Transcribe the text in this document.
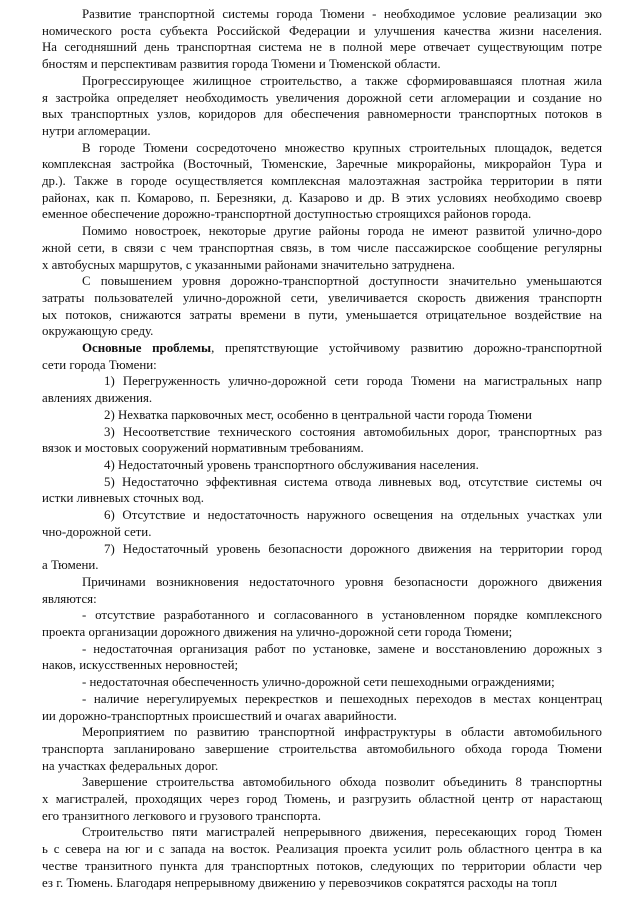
Развитие транспортной системы города Тюмени - необходимое условие реализации эко
номического роста субъекта Российской Федерации и улучшения качества жизни населения.
На сегодняшний день транспортная система не в полной мере отвечает существующим потре
бностям и перспективам развития города Тюмени и Тюменской области.
Прогрессирующее жилищное строительство, а также сформировавшаяся плотная жила
я застройка определяет необходимость увеличения дорожной сети агломерации и создание но
вых транспортных узлов, коридоров для обеспечения равномерности транспортных потоков в
нутри агломерации.
В городе Тюмени сосредоточено множество крупных строительных площадок, ведется
комплексная застройка (Восточный, Тюменские, Заречные микрорайоны, микрорайон Тура и
др.). Также в городе осуществляется комплексная малоэтажная застройка территории в пяти
районах, как п. Комарово, п. Березняки, д. Казарово и др. В этих условиях необходимо своевр
еменное обеспечение дорожно-транспортной доступностью строящихся районов города.
Помимо новостроек, некоторые другие районы города не имеют развитой улично-доро
жной сети, в связи с чем транспортная связь, в том числе пассажирское сообщение регулярны
х автобусных маршрутов, с указанными районами значительно затруднена.
С повышением уровня дорожно-транспортной доступности значительно уменьшаются
затраты пользователей улично-дорожной сети, увеличивается скорость движения транспортн
ых потоков, снижаются затраты времени в пути, уменьшается отрицательное воздействие на
окружающую среду.
Основные проблемы, препятствующие устойчивому развитию дорожно-транспортной
сети города Тюмени:
1) Перегруженность улично-дорожной сети города Тюмени на магистральных напр
авлениях движения.
2) Нехватка парковочных мест, особенно в центральной части города Тюмени
3) Несоответствие технического состояния автомобильных дорог, транспортных раз
вязок и мостовых сооружений нормативным требованиям.
4) Недостаточный уровень транспортного обслуживания населения.
5) Недостаточно эффективная система отвода ливневых вод, отсутствие системы оч
истки ливневых сточных вод.
6) Отсутствие и недостаточность наружного освещения на отдельных участках ули
чно-дорожной сети.
7) Недостаточный уровень безопасности дорожного движения на территории город
а Тюмени.
Причинами возникновения недостаточного уровня безопасности дорожного движения
являются:
- отсутствие разработанного и согласованного в установленном порядке комплексного
проекта организации дорожного движения на улично-дорожной сети города Тюмени;
- недостаточная организация работ по установке, замене и восстановлению дорожных з
наков, искусственных неровностей;
- недостаточная обеспеченность улично-дорожной сети пешеходными ограждениями;
- наличие нерегулируемых перекрестков и пешеходных переходов в местах концентрац
ии дорожно-транспортных происшествий и очагах аварийности.
Мероприятием по развитию транспортной инфраструктуры в области автомобильного
транспорта запланировано завершение строительства автомобильного обхода города Тюмени
на участках федеральных дорог.
Завершение строительства автомобильного обхода позволит объединить 8 транспортны
х магистралей, проходящих через город Тюмень, и разгрузить областной центр от нарастающ
его транзитного легкового и грузового транспорта.
Строительство пяти магистралей непрерывного движения, пересекающих город Тюмен
ь с севера на юг и с запада на восток. Реализация проекта усилит роль областного центра в ка
честве транзитного пункта для транспортных потоков, следующих по территории области чер
ез г. Тюмень. Благодаря непрерывному движению у перевозчиков сократятся расходы на топл
